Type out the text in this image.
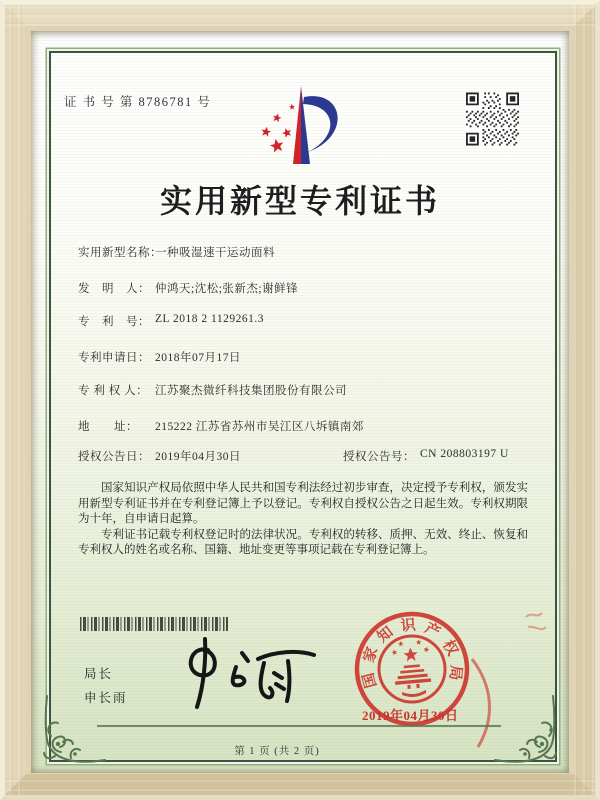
证 书 号 第 8786781 号
实用新型专利证书
实用新型名称：
一种吸湿速干运动面料
发　明　人： 仲鸿天;沈松;张新杰;谢鲜锋
专　利　号： ZL 2018 2 1129261.3
专利申请日： 2018年07月17日
专 利 权 人： 江苏聚杰微纤科技集团股份有限公司
地　　址： 215222 江苏省苏州市吴江区八坼镇南郊
授权公告日： 2019年04月30日	授权公告号： CN 208803197 U

国家知识产权局依照中华人民共和国专利法经过初步审查，决定授予专利权，颁发实用新型专利证书并在专利登记簿上予以登记。专利权自授权公告之日起生效。专利权期限为十年，自申请日起算。

专利证书记载专利权登记时的法律状况。专利权的转移、质押、无效、终止、恢复和专利权人的姓名或名称、国籍、地址变更等事项记载在专利登记簿上。

局长
申长雨
国
家
知 识 产
权
局
2019年04月30日
第 1 页 (共 2 页)
